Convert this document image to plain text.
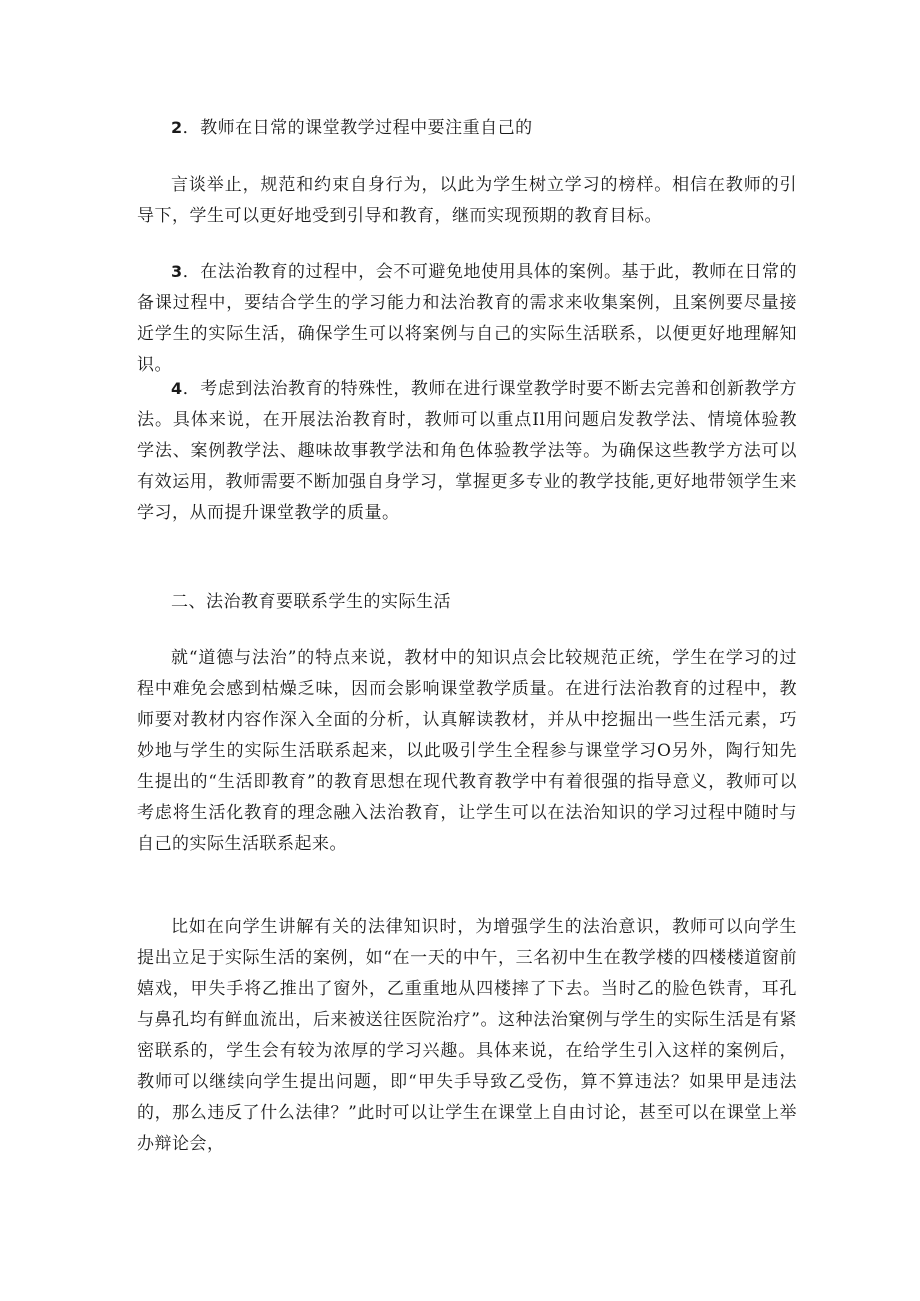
2．教师在日常的课堂教学过程中要注重自己的

言谈举止，规范和约束自身行为，以此为学生树立学习的榜样。相信在教师的引导下，学生可以更好地受到引导和教育，继而实现预期的教育目标。

3．在法治教育的过程中，会不可避免地使用具体的案例。基于此，教师在日常的备课过程中，要结合学生的学习能力和法治教育的需求来收集案例，且案例要尽量接近学生的实际生活，确保学生可以将案例与自己的实际生活联系，以便更好地理解知识。

4．考虑到法治教育的特殊性，教师在进行课堂教学时要不断去完善和创新教学方法。具体来说，在开展法治教育时，教师可以重点Il用问题启发教学法、情境体验教学法、案例教学法、趣味故事教学法和角色体验教学法等。为确保这些教学方法可以有效运用，教师需要不断加强自身学习，掌握更多专业的教学技能,更好地带领学生来学习，从而提升课堂教学的质量。

二、法治教育要联系学生的实际生活

就“道德与法治”的特点来说，教材中的知识点会比较规范正统，学生在学习的过程中难免会感到枯燥乏味，因而会影响课堂教学质量。在进行法治教育的过程中，教师要对教材内容作深入全面的分析，认真解读教材，并从中挖掘出一些生活元素，巧妙地与学生的实际生活联系起来，以此吸引学生全程参与课堂学习O另外，陶行知先生提出的“生活即教育”的教育思想在现代教育教学中有着很强的指导意义，教师可以考虑将生活化教育的理念融入法治教育，让学生可以在法治知识的学习过程中随时与自己的实际生活联系起来。

比如在向学生讲解有关的法律知识时，为增强学生的法治意识，教师可以向学生提出立足于实际生活的案例，如“在一天的中午，三名初中生在教学楼的四楼楼道窗前嬉戏，甲失手将乙推出了窗外，乙重重地从四楼摔了下去。当时乙的脸色铁青，耳孔与鼻孔均有鲜血流出，后来被送往医院治疗”。这种法治窠例与学生的实际生活是有紧密联系的，学生会有较为浓厚的学习兴趣。具体来说，在给学生引入这样的案例后，教师可以继续向学生提出问题，即“甲失手导致乙受伤，算不算违法？如果甲是违法的，那么违反了什么法律？”此时可以让学生在课堂上自由讨论，甚至可以在课堂上举办辩论会，
